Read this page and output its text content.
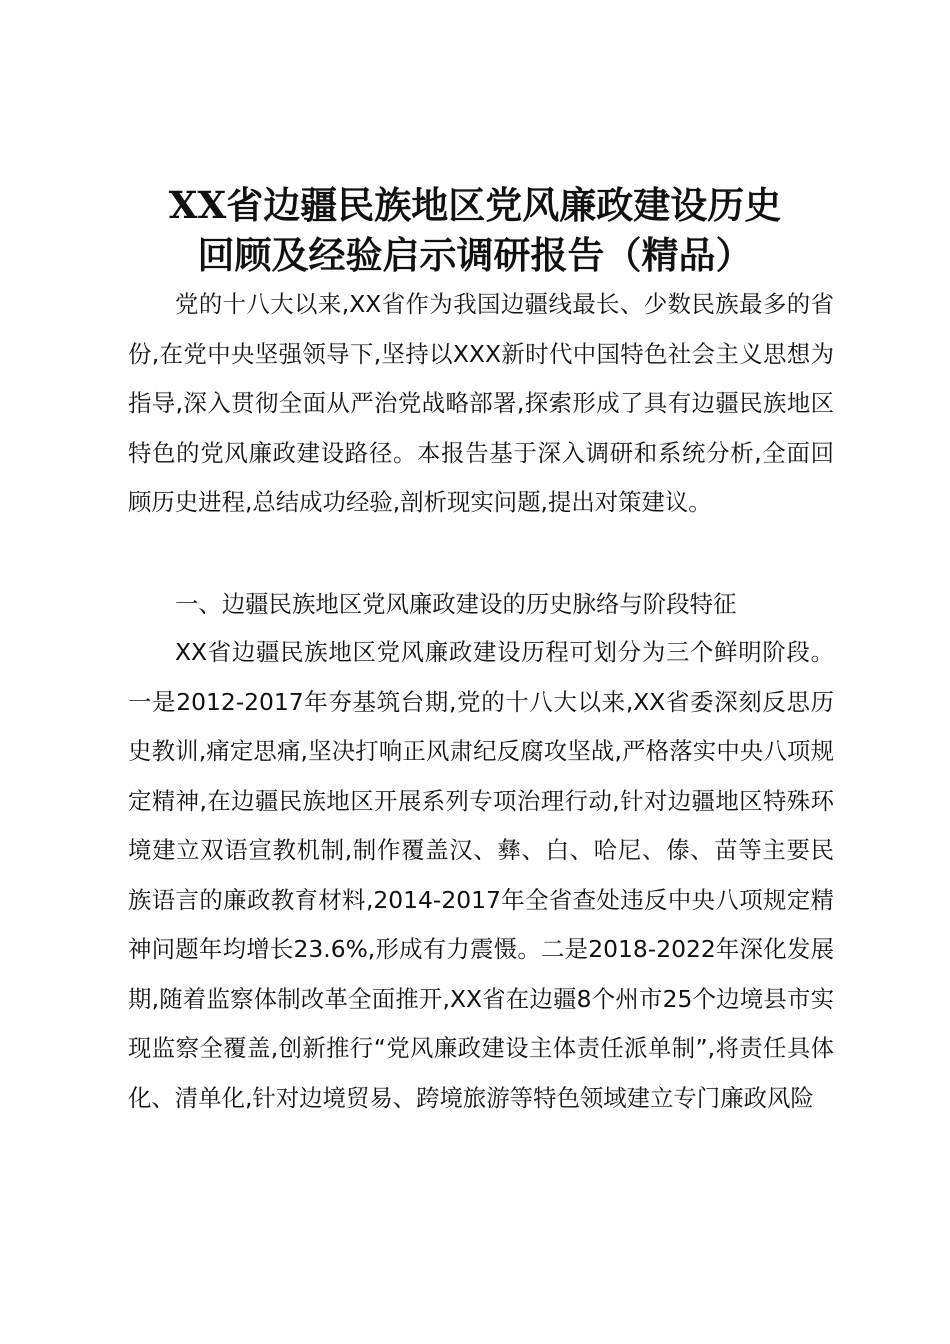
XX省边疆民族地区党风廉政建设历史
回顾及经验启示调研报告（精品）

党的十八大以来,XX省作为我国边疆线最长、少数民族最多的省份,在党中央坚强领导下,坚持以XXX新时代中国特色社会主义思想为指导,深入贯彻全面从严治党战略部署,探索形成了具有边疆民族地区特色的党风廉政建设路径。本报告基于深入调研和系统分析,全面回顾历史进程,总结成功经验,剖析现实问题,提出对策建议。

一、边疆民族地区党风廉政建设的历史脉络与阶段特征

XX省边疆民族地区党风廉政建设历程可划分为三个鲜明阶段。一是2012-2017年夯基筑台期,党的十八大以来,XX省委深刻反思历史教训,痛定思痛,坚决打响正风肃纪反腐攻坚战,严格落实中央八项规定精神,在边疆民族地区开展系列专项治理行动,针对边疆地区特殊环境建立双语宣教机制,制作覆盖汉、彝、白、哈尼、傣、苗等主要民族语言的廉政教育材料,2014-2017年全省查处违反中央八项规定精神问题年均增长23.6%,形成有力震慑。二是2018-2022年深化发展期,随着监察体制改革全面推开,XX省在边疆8个州市25个边境县市实现监察全覆盖,创新推行“党风廉政建设主体责任派单制”,将责任具体化、清单化,针对边境贸易、跨境旅游等特色领域建立专门廉政风险
